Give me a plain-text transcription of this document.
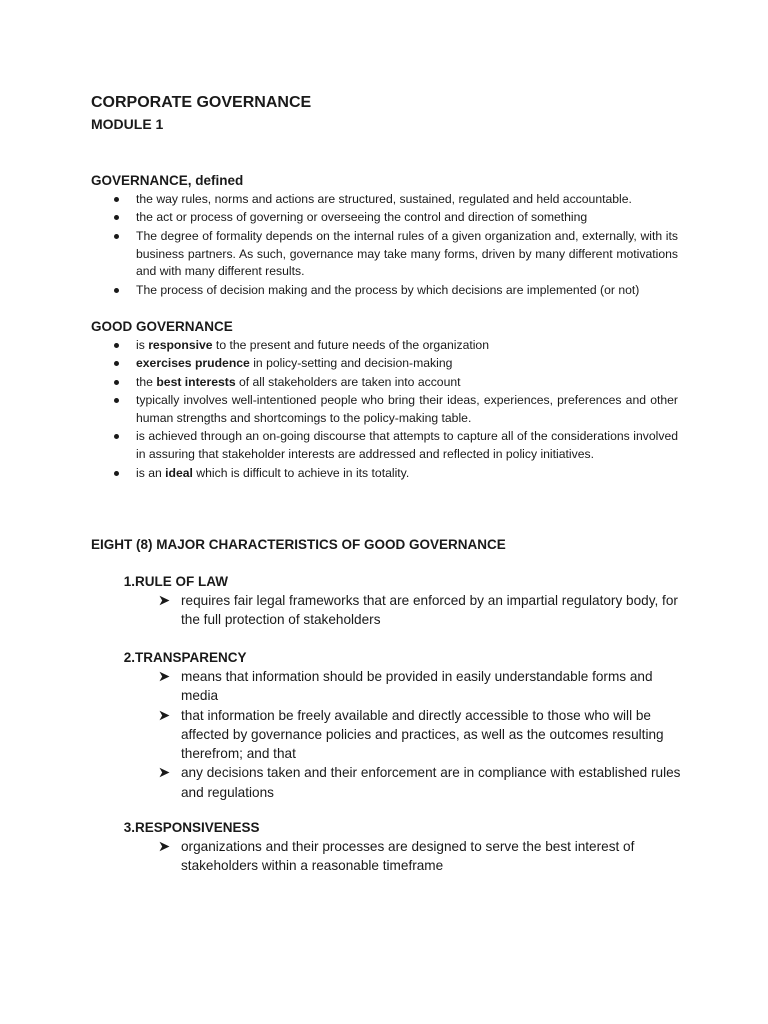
CORPORATE GOVERNANCE
MODULE 1
GOVERNANCE, defined
the way rules, norms and actions are structured, sustained, regulated and held accountable.
the act or process of governing or overseeing the control and direction of something
The degree of formality depends on the internal rules of a given organization and, externally, with its business partners. As such, governance may take many forms, driven by many different motivations and with many different results.
The process of decision making and the process by which decisions are implemented (or not)
GOOD GOVERNANCE
is responsive to the present and future needs of the organization
exercises prudence in policy-setting and decision-making
the best interests of all stakeholders are taken into account
typically involves well-intentioned people who bring their ideas, experiences, preferences and other human strengths and shortcomings to the policy-making table.
is achieved through an on-going discourse that attempts to capture all of the considerations involved in assuring that stakeholder interests are addressed and reflected in policy initiatives.
is an ideal which is difficult to achieve in its totality.
EIGHT (8) MAJOR CHARACTERISTICS OF GOOD GOVERNANCE
1. RULE OF LAW
requires fair legal frameworks that are enforced by an impartial regulatory body, for the full protection of stakeholders
2. TRANSPARENCY
means that information should be provided in easily understandable forms and media
that information be freely available and directly accessible to those who will be affected by governance policies and practices, as well as the outcomes resulting therefrom; and that
any decisions taken and their enforcement are in compliance with established rules and regulations
3. RESPONSIVENESS
organizations and their processes are designed to serve the best interest of stakeholders within a reasonable timeframe
